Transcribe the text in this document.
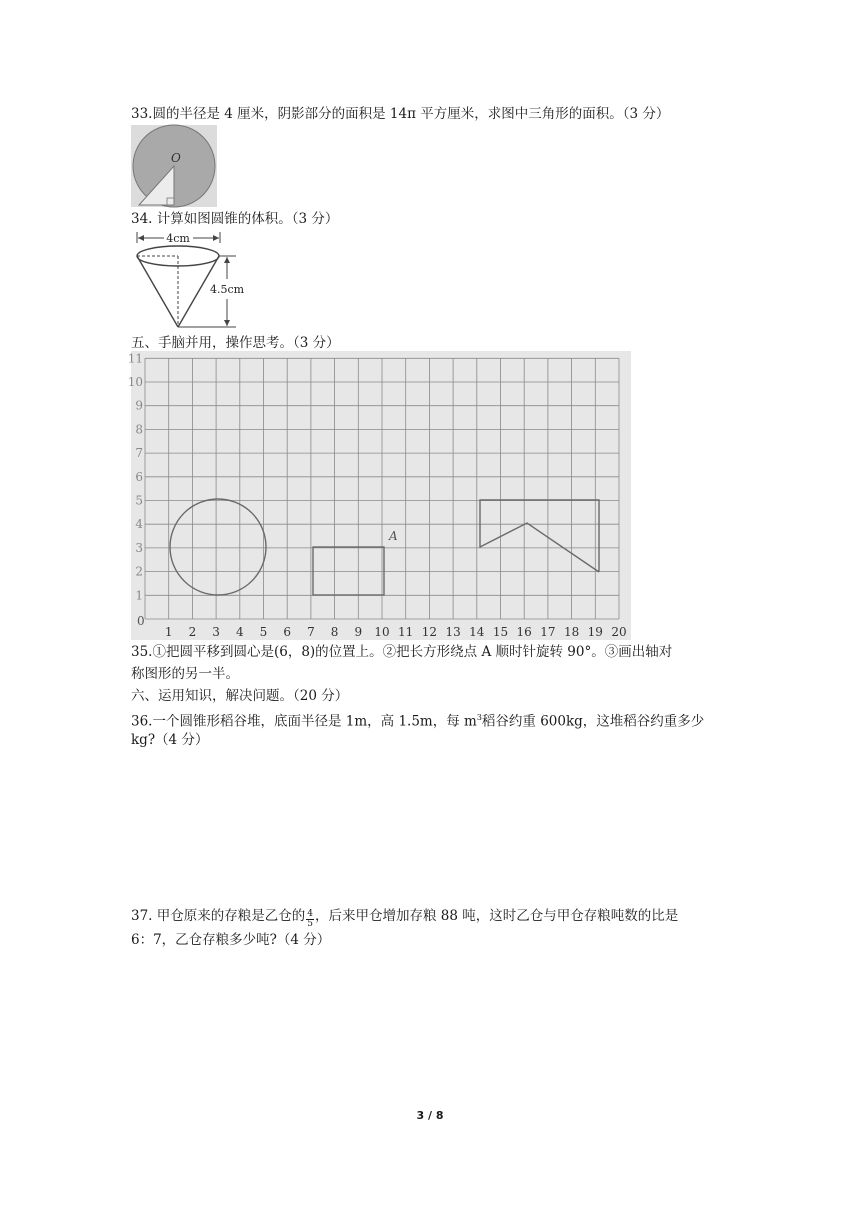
33.圆的半径是 4 厘米，阴影部分的面积是 14π 平方厘米，求图中三角形的面积。（3 分）
O
34. 计算如图圆锥的体积。（3 分）
4cm
4.5cm
五、手脑并用，操作思考。（3 分）
1 2 3 4 5 6 7 8 9 10 11 12 13 14 15 16 17 18 19 20
1
2
3
4
5
6
7
8
9
10
11
0
A
35.①把圆平移到圆心是(6，8)的位置上。②把长方形绕点 A 顺时针旋转 90°。③画出轴对
称图形的另一半。
六、运用知识，解决问题。（20 分）
36.一个圆锥形稻谷堆，底面半径是 1m，高 1.5m，每 $m^3$稻谷约重 600kg，这堆稻谷约重多少
kg?（4 分）
37. 甲仓原来的存粮是乙仓的 $\frac{4}{5}$ ，后来甲仓增加存粮 88 吨，这时乙仓与甲仓存粮吨数的比是
6：7，乙仓存粮多少吨?（4 分）
3 / 8
